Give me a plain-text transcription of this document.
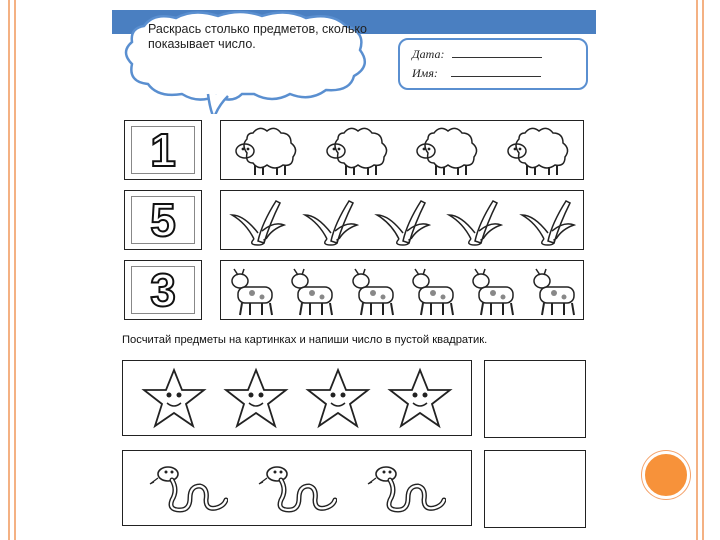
Раскрась столько предметов, сколько показывает число.
Дата:
Имя:
1
5
3
Посчитай предметы на картинках и напиши число в пустой квадратик.
